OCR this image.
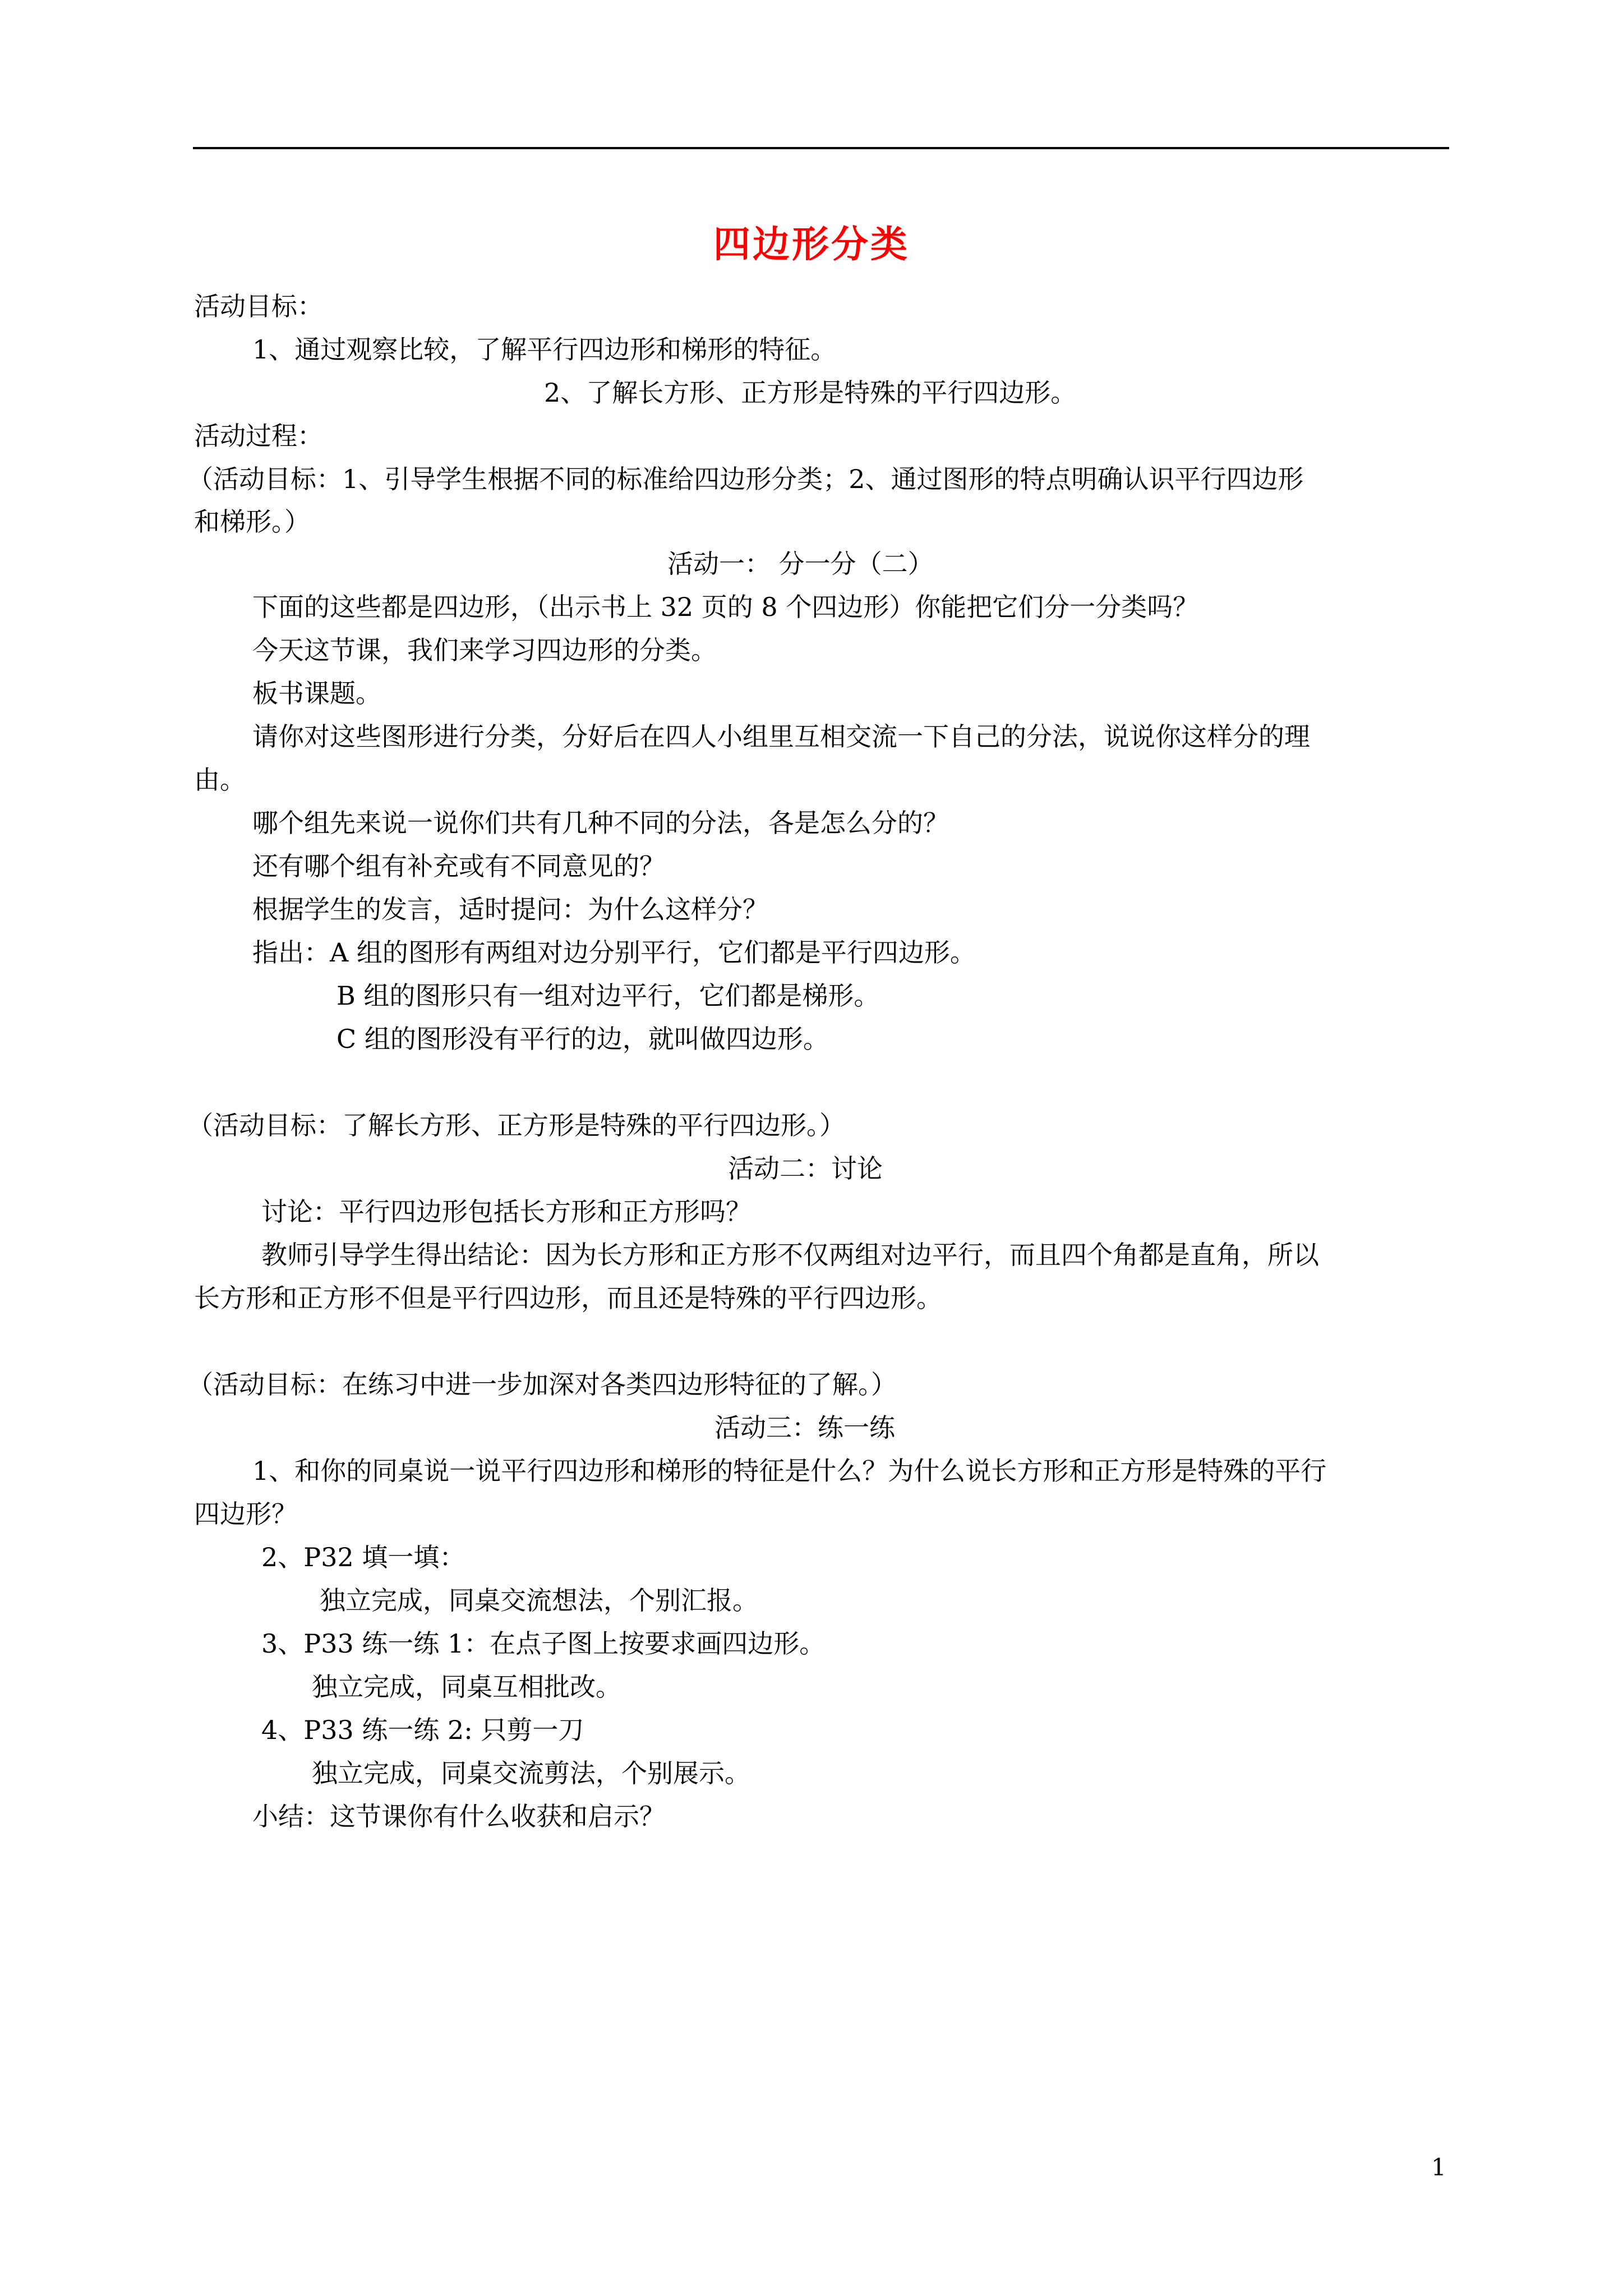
四边形分类
活动目标：
1、通过观察比较，了解平行四边形和梯形的特征。
2、了解长方形、正方形是特殊的平行四边形。
活动过程：
（活动目标：1、引导学生根据不同的标准给四边形分类；2、通过图形的特点明确认识平行四边形
和梯形。）
活动一： 分一分（二）
下面的这些都是四边形，（出示书上 32 页的 8 个四边形）你能把它们分一分类吗？
今天这节课，我们来学习四边形的分类。
板书课题。
请你对这些图形进行分类，分好后在四人小组里互相交流一下自己的分法，说说你这样分的理
由。
哪个组先来说一说你们共有几种不同的分法，各是怎么分的？
还有哪个组有补充或有不同意见的？
根据学生的发言，适时提问：为什么这样分？
指出：A 组的图形有两组对边分别平行，它们都是平行四边形。
B 组的图形只有一组对边平行，它们都是梯形。
C 组的图形没有平行的边，就叫做四边形。
（活动目标：了解长方形、正方形是特殊的平行四边形。）
活动二：讨论
讨论：平行四边形包括长方形和正方形吗？
教师引导学生得出结论：因为长方形和正方形不仅两组对边平行，而且四个角都是直角，所以
长方形和正方形不但是平行四边形，而且还是特殊的平行四边形。
（活动目标：在练习中进一步加深对各类四边形特征的了解。）
活动三：练一练
1、和你的同桌说一说平行四边形和梯形的特征是什么？为什么说长方形和正方形是特殊的平行
四边形？
2、P32 填一填：
独立完成，同桌交流想法，个别汇报。
3、P33 练一练 1：在点子图上按要求画四边形。
独立完成，同桌互相批改。
4、P33 练一练 2: 只剪一刀
独立完成，同桌交流剪法，个别展示。
小结：这节课你有什么收获和启示？
1
